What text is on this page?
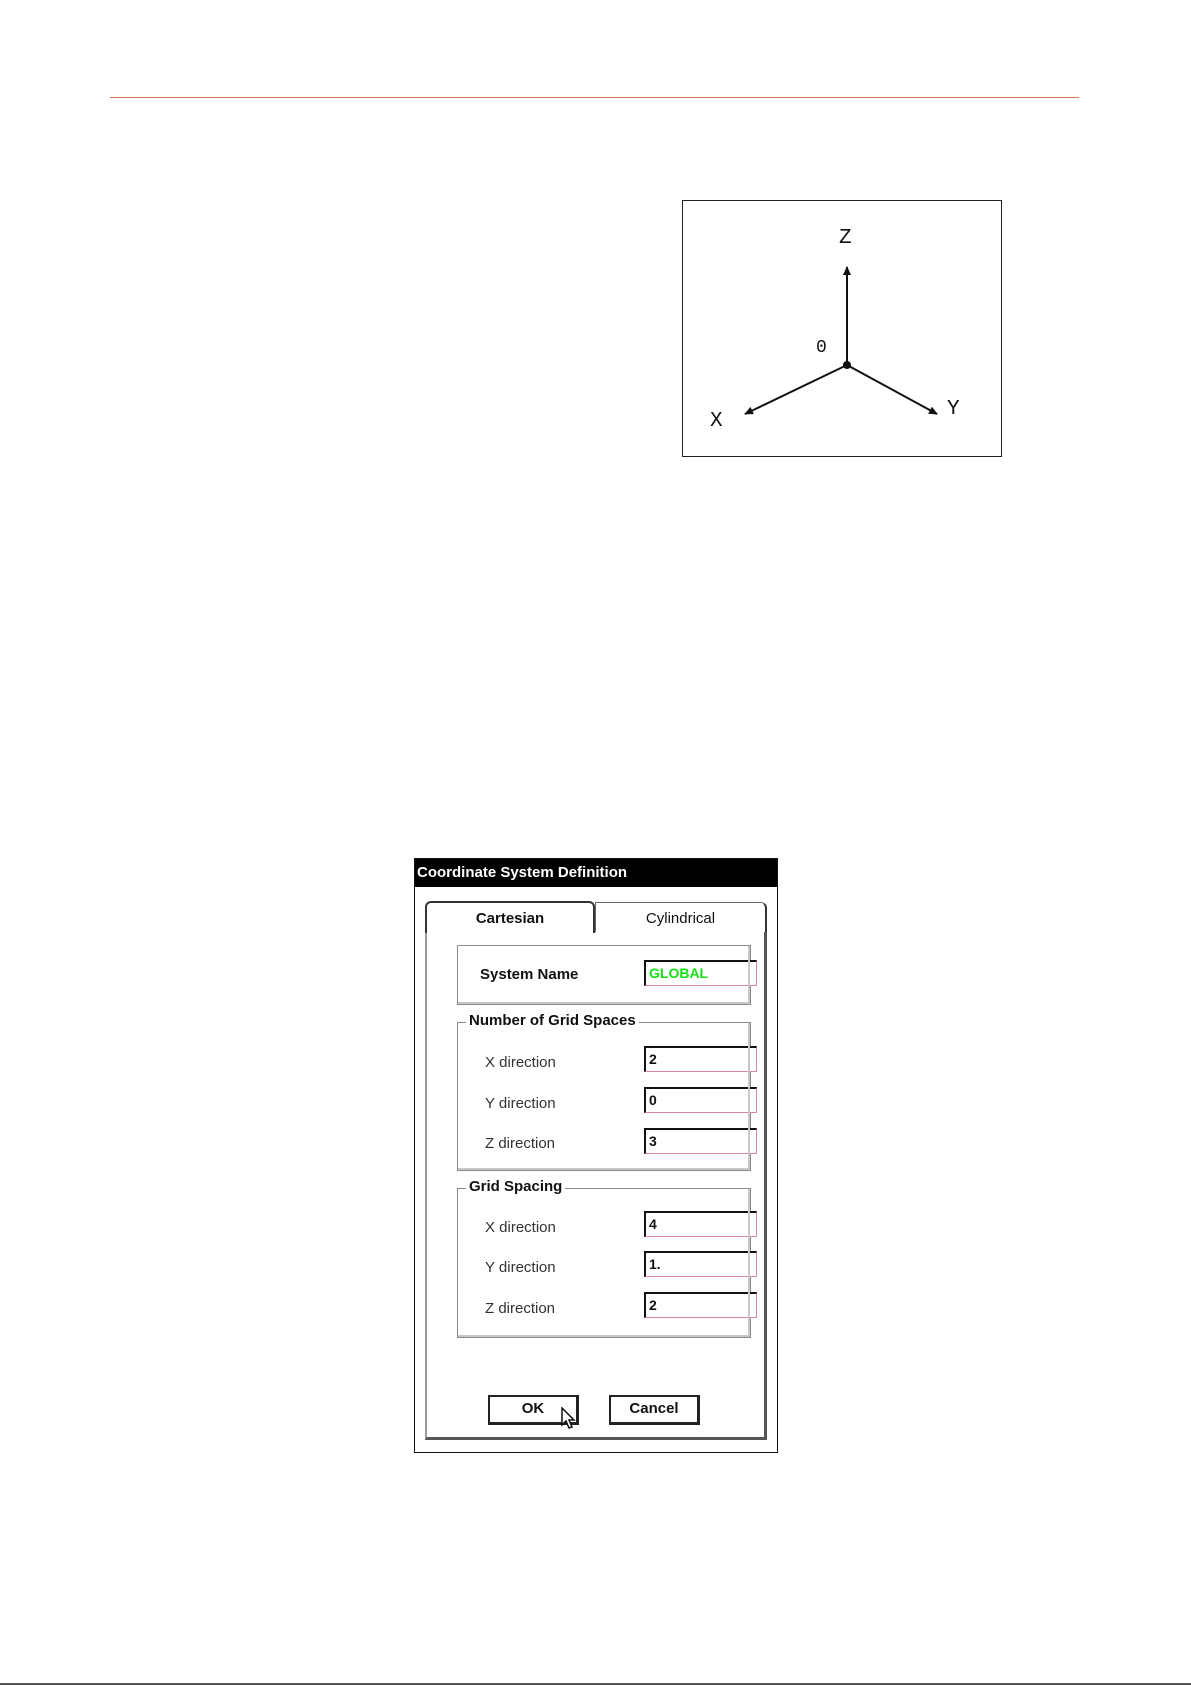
Z
0
X
Y
Coordinate System Definition
System Name	GLOBAL
Number of Grid Spaces
X direction	2
Y direction	0
Z direction	3
Grid Spacing
X direction	4
Y direction	1.
Z direction	2
Cartesian	Cylindrical
OK	Cancel
